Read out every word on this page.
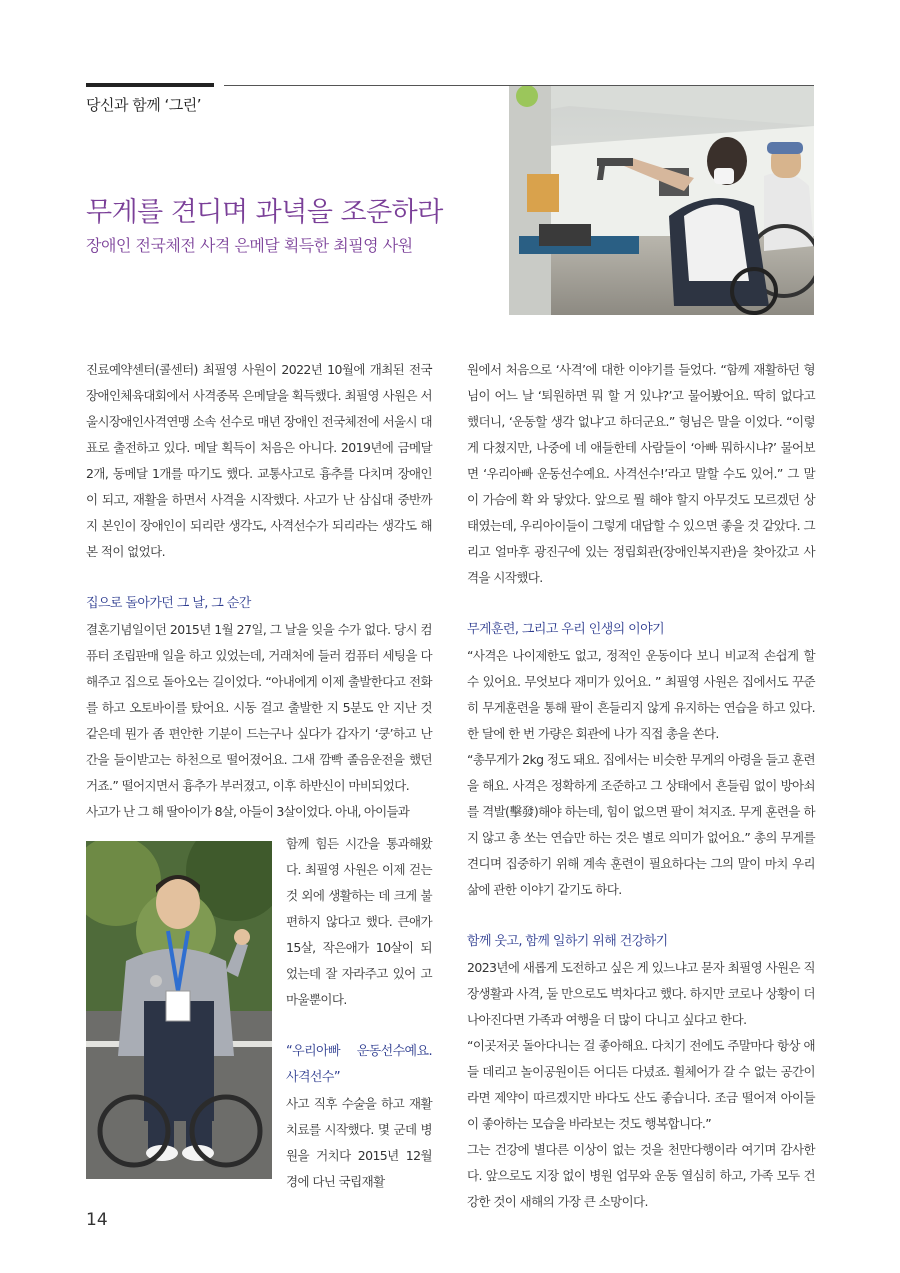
당신과 함께 ‘그린’
무게를 견디며 과녁을 조준하라
장애인 전국체전 사격 은메달 획득한 최필영 사원

진료예약센터(콜센터) 최필영 사원이 2022년 10월에 개최된 전국장애인체육대회에서 사격종목 은메달을 획득했다. 최필영 사원은 서울시장애인사격연맹 소속 선수로 매년 장애인 전국체전에 서울시 대표로 출전하고 있다. 메달 획득이 처음은 아니다. 2019년에 금메달 2개, 동메달 1개를 따기도 했다. 교통사고로 흉추를 다치며 장애인이 되고, 재활을 하면서 사격을 시작했다. 사고가 난 삼십대 중반까지 본인이 장애인이 되리란 생각도, 사격선수가 되리라는 생각도 해본 적이 없었다.

집으로 돌아가던 그 날, 그 순간

결혼기념일이던 2015년 1월 27일, 그 날을 잊을 수가 없다. 당시 컴퓨터 조립판매 일을 하고 있었는데, 거래처에 들러 컴퓨터 세팅을 다 해주고 집으로 돌아오는 길이었다. “아내에게 이제 출발한다고 전화를 하고 오토바이를 탔어요. 시동 걸고 출발한 지 5분도 안 지난 것 같은데 뭔가 좀 편안한 기분이 드는구나 싶다가 갑자기 ‘쿵’하고 난간을 들이받고는 하천으로 떨어졌어요. 그새 깜빡 졸음운전을 했던 거죠.” 떨어지면서 흉추가 부러졌고, 이후 하반신이 마비되었다.

사고가 난 그 해 딸아이가 8살, 아들이 3살이었다. 아내, 아이들과

함께 힘든 시간을 통과해왔다. 최필영 사원은 이제 걷는 것 외에 생활하는 데 크게 불편하지 않다고 했다. 큰애가 15살, 작은애가 10살이 되었는데 잘 자라주고 있어 고마울뿐이다.

“우리아빠 운동선수예요. 사격선수”

사고 직후 수술을 하고 재활치료를 시작했다. 몇 군데 병원을 거치다 2015년 12월경에 다닌 국립재활

원에서 처음으로 ‘사격’에 대한 이야기를 들었다. “함께 재활하던 형님이 어느 날 ‘퇴원하면 뭐 할 거 있냐?’고 물어봤어요. 딱히 없다고 했더니, ‘운동할 생각 없냐’고 하더군요.” 형님은 말을 이었다. “이렇게 다쳤지만, 나중에 네 애들한테 사람들이 ‘아빠 뭐하시냐?’ 물어보면 ‘우리아빠 운동선수예요. 사격선수!’라고 말할 수도 있어.” 그 말이 가슴에 확 와 닿았다. 앞으로 뭘 해야 할지 아무것도 모르겠던 상태였는데, 우리아이들이 그렇게 대답할 수 있으면 좋을 것 같았다. 그리고 얼마후 광진구에 있는 정립회관(장애인복지관)을 찾아갔고 사격을 시작했다.

무게훈련, 그리고 우리 인생의 이야기

“사격은 나이제한도 없고, 정적인 운동이다 보니 비교적 손쉽게 할 수 있어요. 무엇보다 재미가 있어요. ” 최필영 사원은 집에서도 꾸준히 무게훈련을 통해 팔이 흔들리지 않게 유지하는 연습을 하고 있다. 한 달에 한 번 가량은 회관에 나가 직접 총을 쏜다.

“총무게가 2kg 정도 돼요. 집에서는 비슷한 무게의 아령을 들고 훈련을 해요. 사격은 정확하게 조준하고 그 상태에서 흔들림 없이 방아쇠를 격발(擊發)해야 하는데, 힘이 없으면 팔이 쳐지죠. 무게 훈련을 하지 않고 총 쏘는 연습만 하는 것은 별로 의미가 없어요.” 총의 무게를 견디며 집중하기 위해 계속 훈련이 필요하다는 그의 말이 마치 우리 삶에 관한 이야기 같기도 하다.

함께 웃고, 함께 일하기 위해 건강하기

2023년에 새롭게 도전하고 싶은 게 있느냐고 묻자 최필영 사원은 직장생활과 사격, 둘 만으로도 벅차다고 했다. 하지만 코로나 상황이 더 나아진다면 가족과 여행을 더 많이 다니고 싶다고 한다.

“이곳저곳 돌아다니는 걸 좋아해요. 다치기 전에도 주말마다 항상 애들 데리고 놀이공원이든 어디든 다녔죠. 휠체어가 갈 수 없는 공간이라면 제약이 따르겠지만 바다도 산도 좋습니다. 조금 떨어져 아이들이 좋아하는 모습을 바라보는 것도 행복합니다.”

그는 건강에 별다른 이상이 없는 것을 천만다행이라 여기며 감사한다. 앞으로도 지장 없이 병원 업무와 운동 열심히 하고, 가족 모두 건강한 것이 새해의 가장 큰 소망이다.

14
